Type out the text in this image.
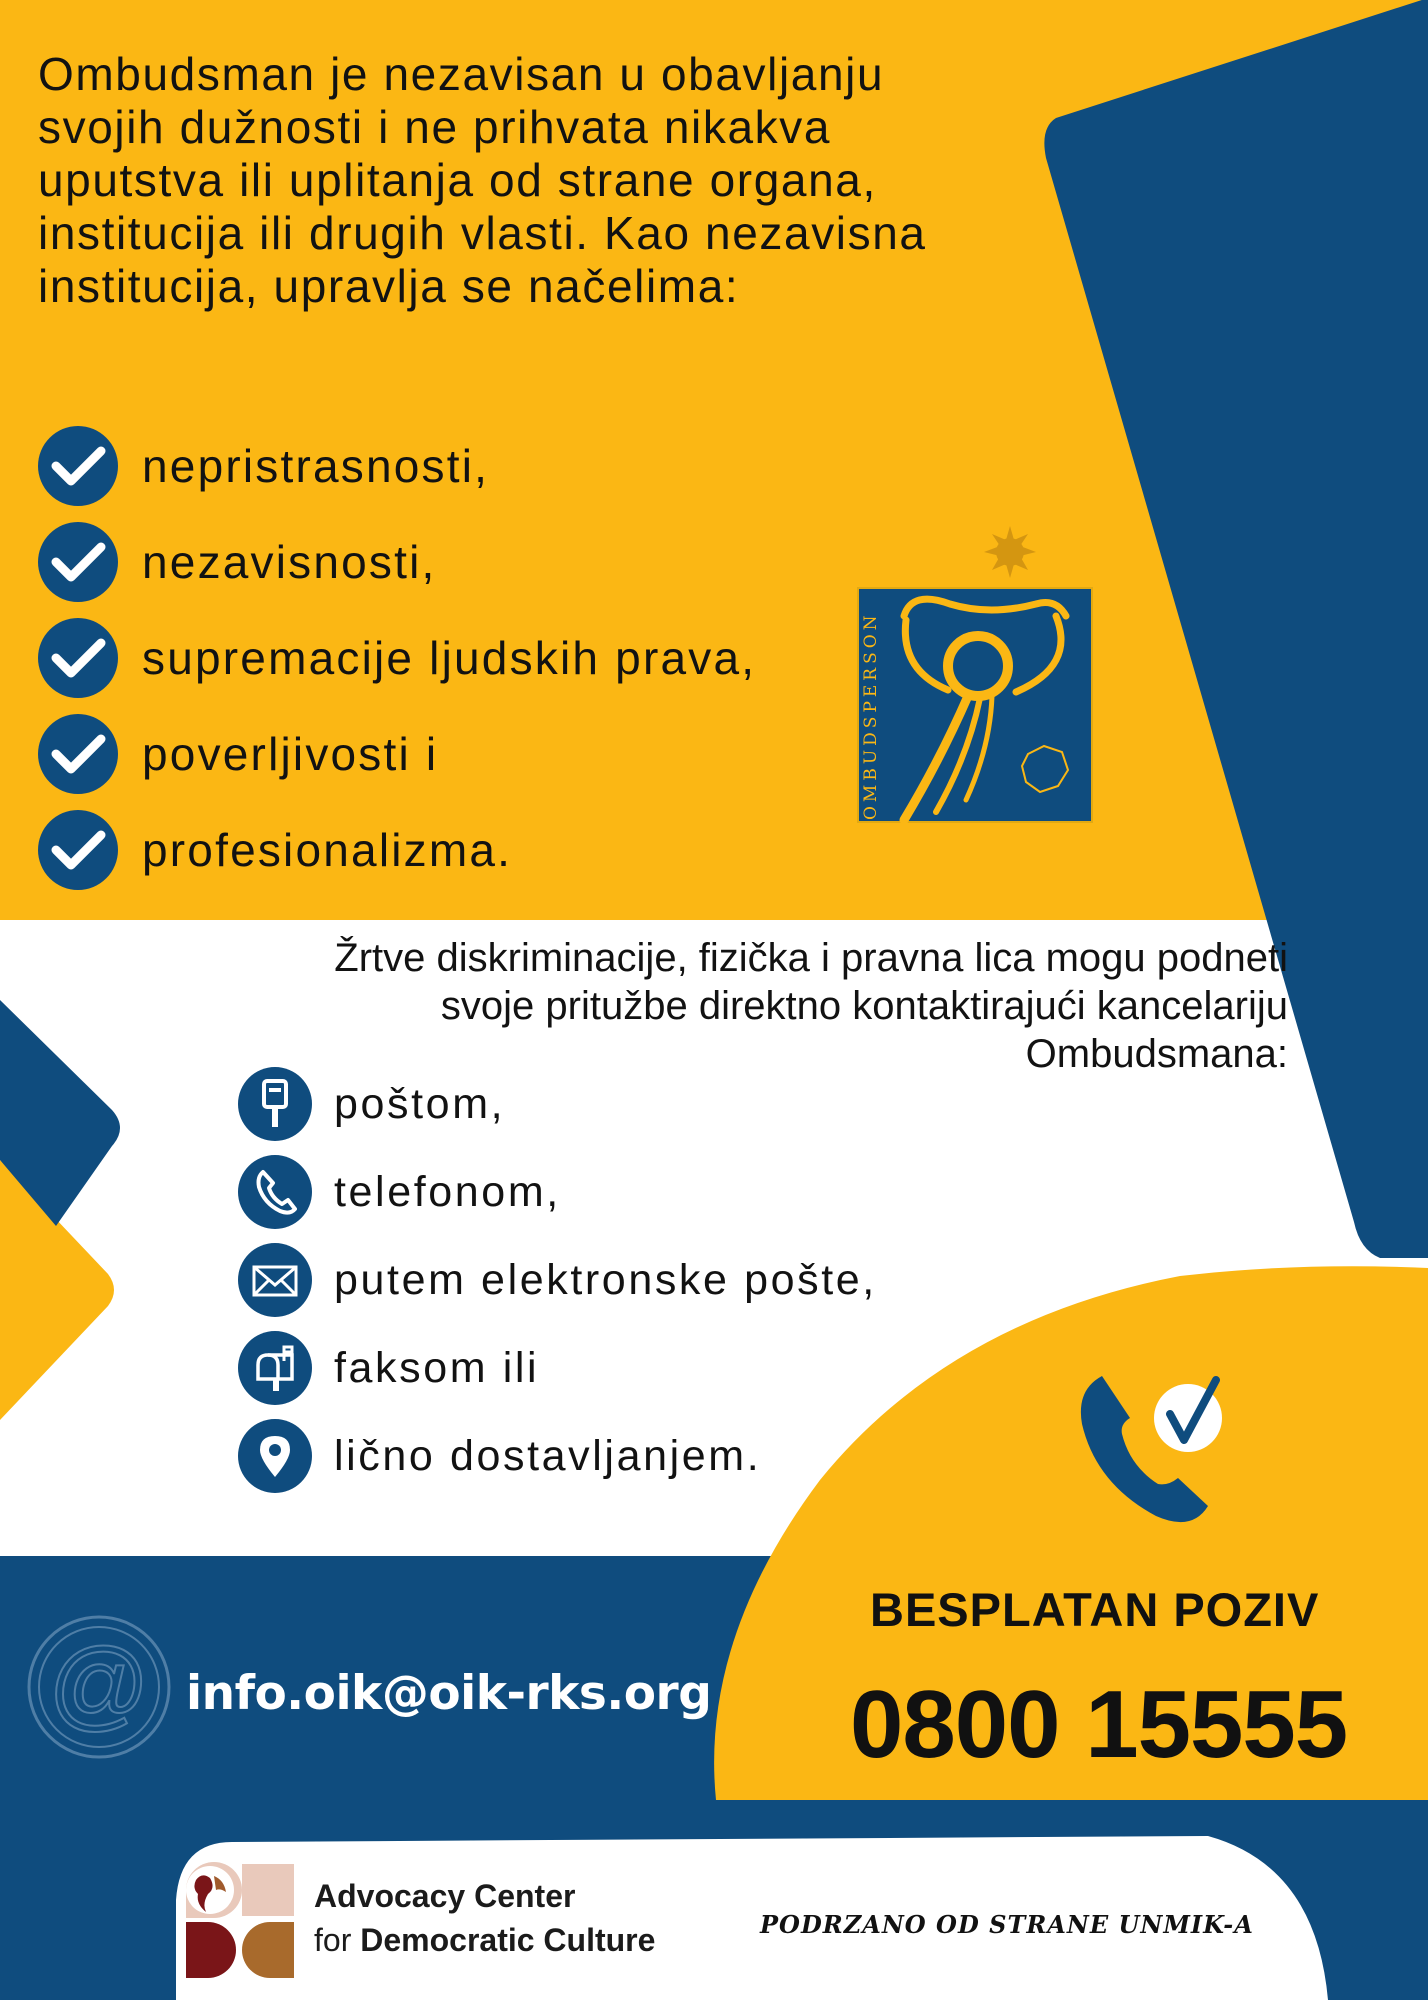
Ombudsman je nezavisan u obavljanju svojih dužnosti i ne prihvata nikakva uputstva ili uplitanja od strane organa, institucija ili drugih vlasti. Kao nezavisna institucija, upravlja se načelima:

nepristrasnosti,
nezavisnosti,
supremacije ljudskih prava,
poverljivosti i
profesionalizma.
OMBUDSPERSON

Žrtve diskriminacije, fizička i pravna lica mogu podneti svoje pritužbe direktno kontaktirajući kancelariju Ombudsmana:

poštom,
telefonom,
putem elektronske pošte,
faksom ili
lično dostavljanjem.
@ info.oik@oik-rks.org
BESPLATAN POZIV
0800 15555
Advocacy Center
for Democratic Culture	PODRZANO OD STRANE UNMIK-A
